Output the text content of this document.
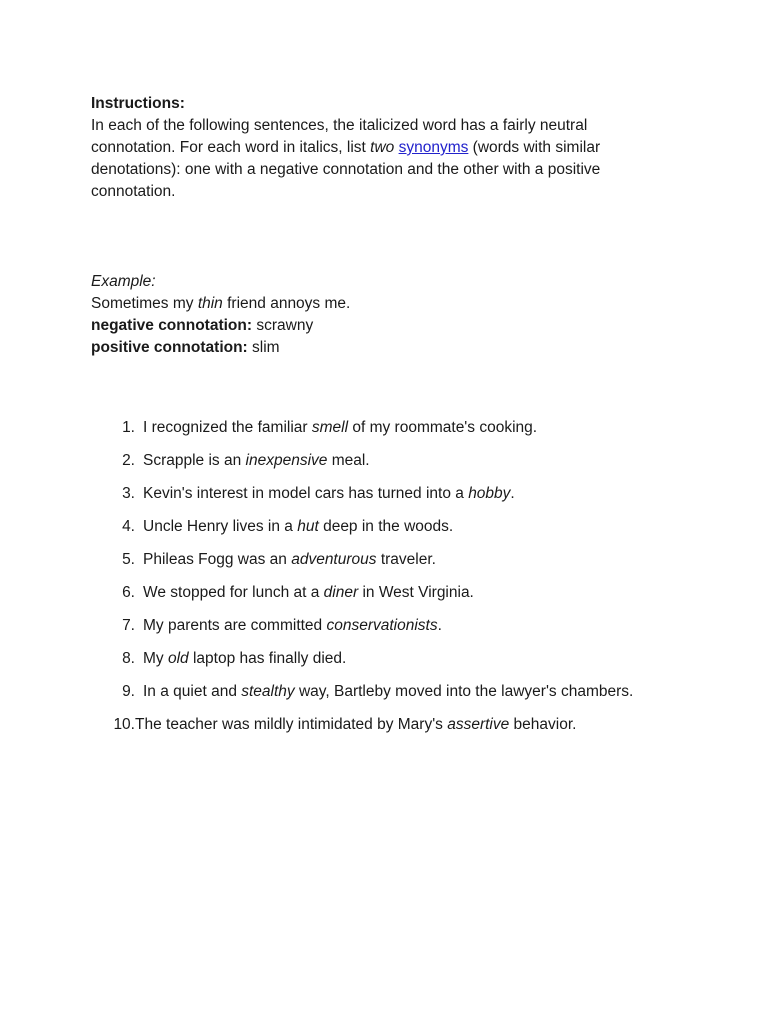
Instructions:

In each of the following sentences, the italicized word has a fairly neutral connotation. For each word in italics, list two synonyms (words with similar denotations): one with a negative connotation and the other with a positive connotation.

Example:

Sometimes my thin friend annoys me.

negative connotation: scrawny

positive connotation: slim

1. I recognized the familiar smell of my roommate's cooking.
2. Scrapple is an inexpensive meal.
3. Kevin's interest in model cars has turned into a hobby.
4. Uncle Henry lives in a hut deep in the woods.
5. Phileas Fogg was an adventurous traveler.
6. We stopped for lunch at a diner in West Virginia.
7. My parents are committed conservationists.
8. My old laptop has finally died.
9. In a quiet and stealthy way, Bartleby moved into the lawyer's chambers.
10. The teacher was mildly intimidated by Mary's assertive behavior.
